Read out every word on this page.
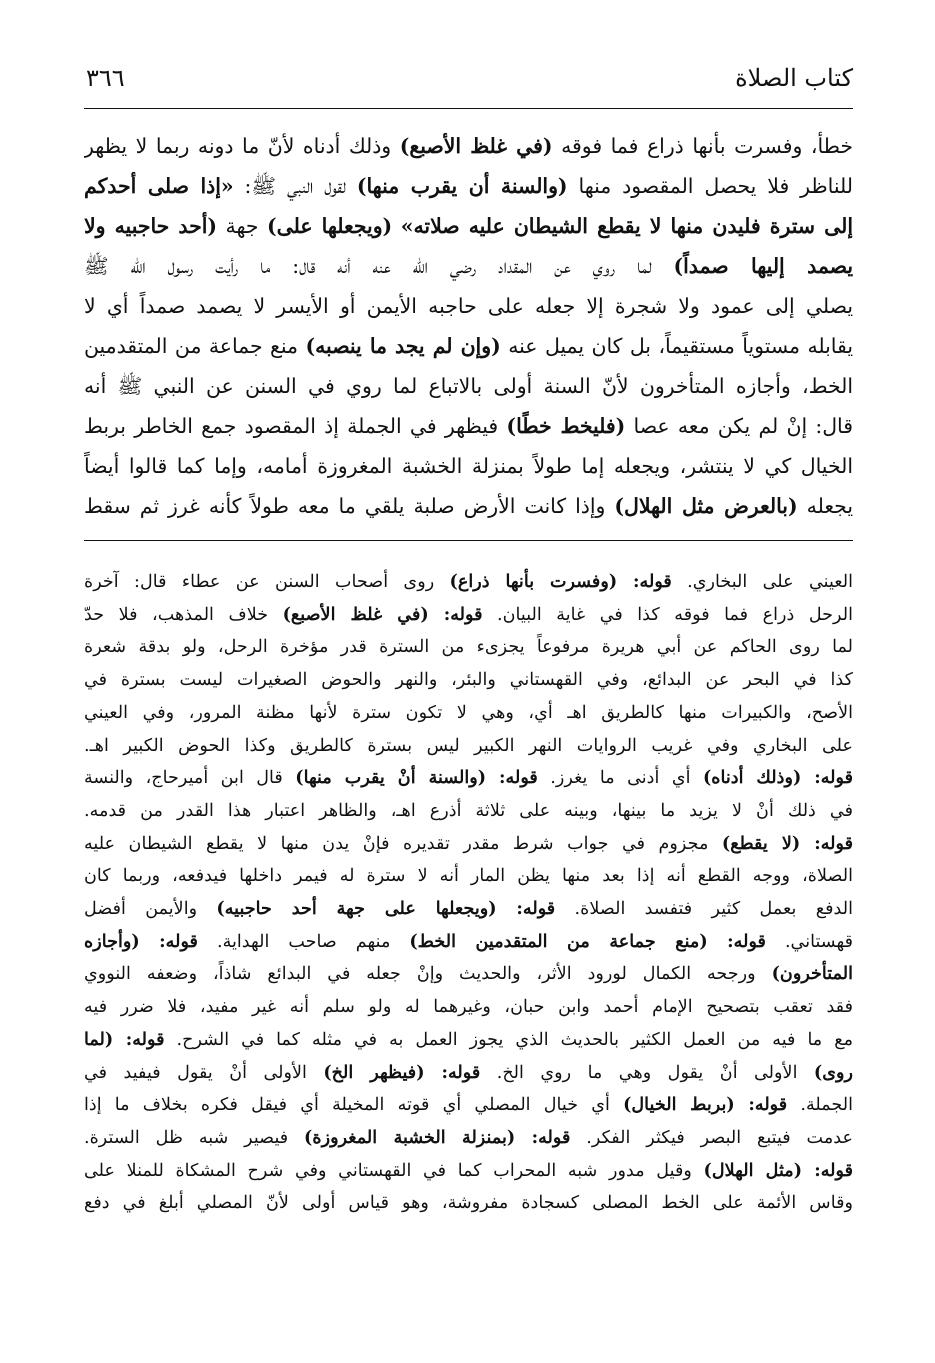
كتاب الصلاة
٣٦٦
خطأ، وفسرت بأنها ذراع فما فوقه (في غلظ الأصبع) وذلك أدناه لأنّ ما دونه ربما لا يظهر
للناظر فلا يحصل المقصود منها (والسنة أن يقرب منها) لقول النبي ﷺ: «إذا صلى أحدكم
إلى سترة فليدن منها لا يقطع الشيطان عليه صلاته» (ويجعلها على) جهة (أحد حاجبيه ولا
يصمد إليها صمداً) لما روي عن المقداد رضي الله عنه أنه قال: ما رأيت رسول الله ﷺ
يصلي إلى عمود ولا شجرة إلا جعله على حاجبه الأيمن أو الأيسر لا يصمد صمداً أي لا
يقابله مستوياً مستقيماً، بل كان يميل عنه (وإن لم يجد ما ينصبه) منع جماعة من المتقدمين
الخط، وأجازه المتأخرون لأنّ السنة أولى بالاتباع لما روي في السنن عن النبي ﷺ أنه
قال: إنْ لم يكن معه عصا (فليخط خطًا) فيظهر في الجملة إذ المقصود جمع الخاطر بربط
الخيال كي لا ينتشر، ويجعله إما طولاً بمنزلة الخشبة المغروزة أمامه، وإما كما قالوا أيضاً
يجعله (بالعرض مثل الهلال) وإذا كانت الأرض صلبة يلقي ما معه طولاً كأنه غرز ثم سقط
العيني على البخاري. قوله: (وفسرت بأنها ذراع) روى أصحاب السنن عن عطاء قال: آخرة
الرحل ذراع فما فوقه كذا في غاية البيان. قوله: (في غلظ الأصبع) خلاف المذهب، فلا حدّ
لما روى الحاكم عن أبي هريرة مرفوعاً يجزىء من السترة قدر مؤخرة الرحل، ولو بدقة شعرة
كذا في البحر عن البدائع، وفي القهستاني والبئر، والنهر والحوض الصغيرات ليست بسترة في
الأصح، والكبيرات منها كالطريق اهـ أي، وهي لا تكون سترة لأنها مظنة المرور، وفي العيني
على البخاري وفي غريب الروايات النهر الكبير ليس بسترة كالطريق وكذا الحوض الكبير اهـ.
قوله: (وذلك أدناه) أي أدنى ما يغرز. قوله: (والسنة أنْ يقرب منها) قال ابن أميرحاج، والنسة
في ذلك أنْ لا يزيد ما بينها، وبينه على ثلاثة أذرع اهـ، والظاهر اعتبار هذا القدر من قدمه.
قوله: (لا يقطع) مجزوم في جواب شرط مقدر تقديره فإنْ يدن منها لا يقطع الشيطان عليه
الصلاة، ووجه القطع أنه إذا بعد منها يظن المار أنه لا سترة له فيمر داخلها فيدفعه، وربما كان
الدفع بعمل كثير فتفسد الصلاة. قوله: (ويجعلها على جهة أحد حاجبيه) والأيمن أفضل
قهستاني. قوله: (منع جماعة من المتقدمين الخط) منهم صاحب الهداية. قوله: (وأجازه
المتأخرون) ورجحه الكمال لورود الأثر، والحديث وإنْ جعله في البدائع شاذاً، وضعفه النووي
فقد تعقب بتصحيح الإمام أحمد وابن حبان، وغيرهما له ولو سلم أنه غير مفيد، فلا ضرر فيه
مع ما فيه من العمل الكثير بالحديث الذي يجوز العمل به في مثله كما في الشرح. قوله: (لما
روى) الأولى أنْ يقول وهي ما روي الخ. قوله: (فيظهر الخ) الأولى أنْ يقول فيفيد في
الجملة. قوله: (بربط الخيال) أي خيال المصلي أي قوته المخيلة أي فيقل فكره بخلاف ما إذا
عدمت فيتبع البصر فيكثر الفكر. قوله: (بمنزلة الخشبة المغروزة) فيصير شبه ظل السترة.
قوله: (مثل الهلال) وقيل مدور شبه المحراب كما في القهستاني وفي شرح المشكاة للمنلا على
وقاس الأئمة على الخط المصلى كسجادة مفروشة، وهو قياس أولى لأنّ المصلي أبلغ في دفع
